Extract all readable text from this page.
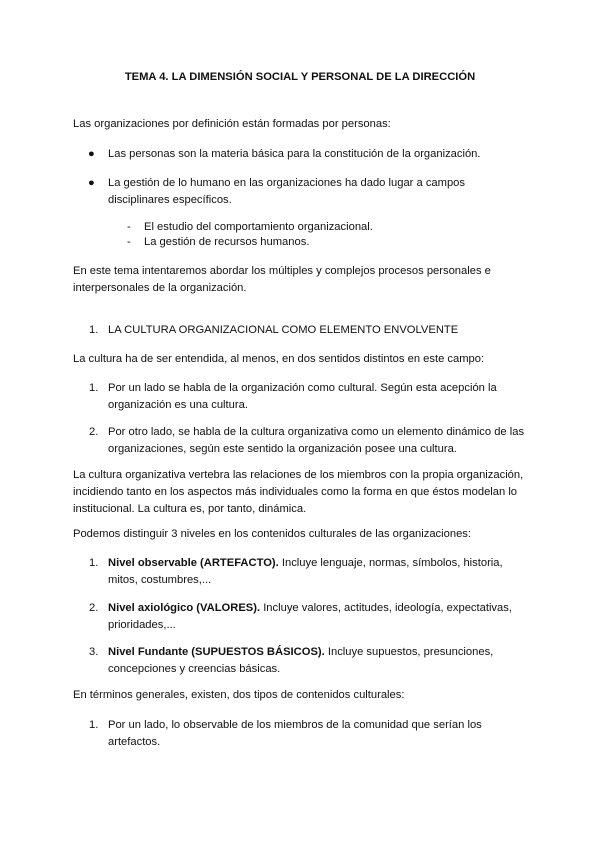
TEMA 4. LA DIMENSIÓN SOCIAL Y PERSONAL DE LA DIRECCIÓN
Las organizaciones por definición están formadas por personas:
● Las personas son la materia básica para la constitución de la organización.
● La gestión de lo humano en las organizaciones ha dado lugar a campos disciplinares específicos.
- El estudio del comportamiento organizacional.
- La gestión de recursos humanos.
En este tema intentaremos abordar los múltiples y complejos procesos personales e interpersonales de la organización.
1. LA CULTURA ORGANIZACIONAL COMO ELEMENTO ENVOLVENTE
La cultura ha de ser entendida, al menos, en dos sentidos distintos en este campo:
1. Por un lado se habla de la organización como cultural. Según esta acepción la organización es una cultura.
2. Por otro lado, se habla de la cultura organizativa como un elemento dinámico de las organizaciones, según este sentido la organización posee una cultura.
La cultura organizativa vertebra las relaciones de los miembros con la propia organización, incidiendo tanto en los aspectos más individuales como la forma en que éstos modelan lo institucional. La cultura es, por tanto, dinámica.
Podemos distinguir 3 niveles en los contenidos culturales de las organizaciones:
1. Nivel observable (ARTEFACTO). Incluye lenguaje, normas, símbolos, historia, mitos, costumbres,...
2. Nivel axiológico (VALORES). Incluye valores, actitudes, ideología, expectativas, prioridades,...
3. Nivel Fundante (SUPUESTOS BÁSICOS). Incluye supuestos, presunciones, concepciones y creencias básicas.
En términos generales, existen, dos tipos de contenidos culturales:
1. Por un lado, lo observable de los miembros de la comunidad que serían los artefactos.
